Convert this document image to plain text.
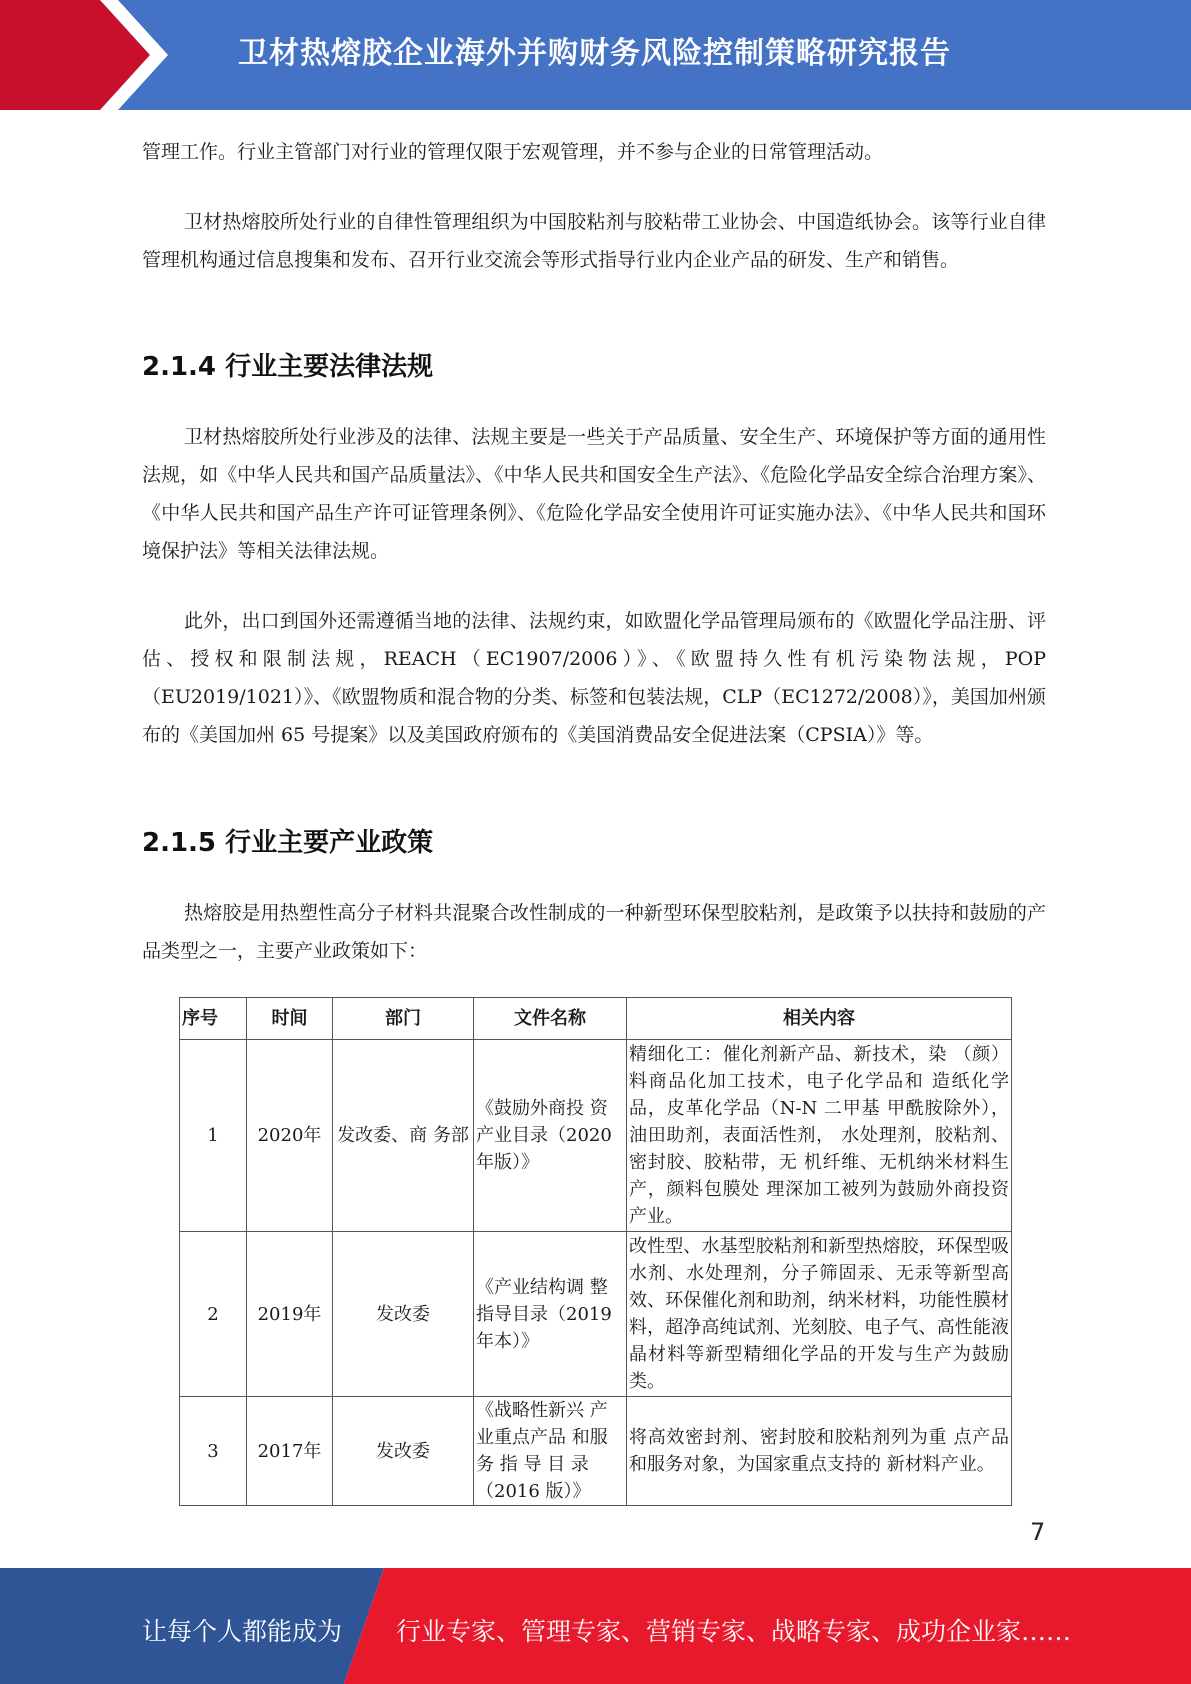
卫材热熔胶企业海外并购财务风险控制策略研究报告

管理工作。行业主管部门对行业的管理仅限于宏观管理，并不参与企业的日常管理活动。

卫材热熔胶所处行业的自律性管理组织为中国胶粘剂与胶粘带工业协会、中国造纸协会。该等行业自律管理机构通过信息搜集和发布、召开行业交流会等形式指导行业内企业产品的研发、生产和销售。

2.1.4 行业主要法律法规

卫材热熔胶所处行业涉及的法律、法规主要是一些关于产品质量、安全生产、环境保护等方面的通用性法规，如《中华人民共和国产品质量法》、《中华人民共和国安全生产法》、《危险化学品安全综合治理方案》、《中华人民共和国产品生产许可证管理条例》、《危险化学品安全使用许可证实施办法》、《中华人民共和国环境保护法》等相关法律法规。

此外，出口到国外还需遵循当地的法律、法规约束，如欧盟化学品管理局颁布的《欧盟化学品注册、评估、授权和限制法规，REACH（EC1907/2006）》、《欧盟持久性有机污染物法规，POP（EU2019/1021）》、《欧盟物质和混合物的分类、标签和包装法规，CLP（EC1272/2008）》，美国加州颁布的《美国加州 65 号提案》以及美国政府颁布的《美国消费品安全促进法案（CPSIA）》等。

2.1.5 行业主要产业政策

热熔胶是用热塑性高分子材料共混聚合改性制成的一种新型环保型胶粘剂，是政策予以扶持和鼓励的产品类型之一，主要产业政策如下：

序号	时间	部门	文件名称	相关内容
1	2020年	发改委、商 务部	《鼓励外商投 资产业目录（2020 年版）》	精细化工：催化剂新产品、新技术，染 （颜）料商品化加工技术，电子化学品和 造纸化学品，皮革化学品（N-N 二甲基 甲酰胺除外），油田助剂，表面活性剂， 水处理剂，胶粘剂、密封胶、胶粘带，无 机纤维、无机纳米材料生产，颜料包膜处 理深加工被列为鼓励外商投资产业。
2	2019年	发改委	《产业结构调 整指导目录（2019 年本）》	改性型、水基型胶粘剂和新型热熔胶，环保型吸水剂、水处理剂，分子筛固汞、无汞等新型高效、环保催化剂和助剂，纳米材料，功能性膜材料，超净高纯试剂、光刻胶、电子气、高性能液晶材料等新型精细化学品的开发与生产为鼓励类。
3	2017年	发改委	《战略性新兴 产业重点产品 和服务 指 导 目 录（2016 版）》	将高效密封剂、密封胶和胶粘剂列为重 点产品和服务对象，为国家重点支持的 新材料产业。
7
让每个人都能成为 行业专家、管理专家、营销专家、战略专家、成功企业家……
